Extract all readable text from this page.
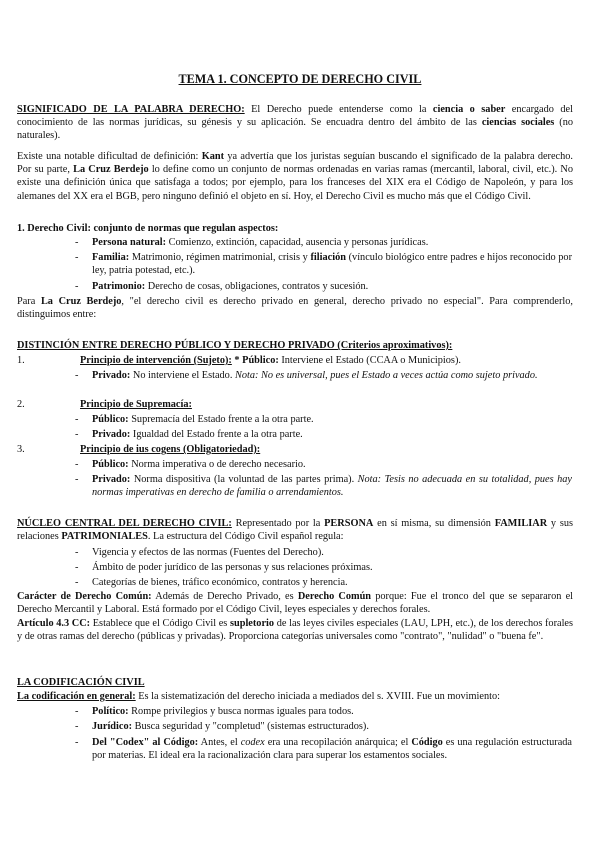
TEMA 1. CONCEPTO DE DERECHO CIVIL
SIGNIFICADO DE LA PALABRA DERECHO: El Derecho puede entenderse como la ciencia o saber encargado del conocimiento de las normas jurídicas, su génesis y su aplicación. Se encuadra dentro del ámbito de las ciencias sociales (no naturales).
Existe una notable dificultad de definición: Kant ya advertía que los juristas seguían buscando el significado de la palabra derecho. Por su parte, La Cruz Berdejo lo define como un conjunto de normas ordenadas en varias ramas (mercantil, laboral, civil, etc.). No existe una definición única que satisfaga a todos; por ejemplo, para los franceses del XIX era el Código de Napoleón, y para los alemanes del XX era el BGB, pero ninguno definió el objeto en sí. Hoy, el Derecho Civil es mucho más que el Código Civil.
1. Derecho Civil: conjunto de normas que regulan aspectos:
- Persona natural: Comienzo, extinción, capacidad, ausencia y personas jurídicas.
- Familia: Matrimonio, régimen matrimonial, crisis y filiación (vínculo biológico entre padres e hijos reconocido por ley, patria potestad, etc.).
- Patrimonio: Derecho de cosas, obligaciones, contratos y sucesión.
Para La Cruz Berdejo, "el derecho civil es derecho privado en general, derecho privado no especial". Para comprenderlo, distinguimos entre:
DISTINCIÓN ENTRE DERECHO PÚBLICO Y DERECHO PRIVADO (Criterios aproximativos):
1.	Principio de intervención (Sujeto): * Público: Interviene el Estado (CCAA o Municipios).
- Privado: No interviene el Estado. Nota: No es universal, pues el Estado a veces actúa como sujeto privado.
2.	Principio de Supremacía:
- Público: Supremacía del Estado frente a la otra parte.
- Privado: Igualdad del Estado frente a la otra parte.
3.	Principio de ius cogens (Obligatoriedad):
- Público: Norma imperativa o de derecho necesario.
- Privado: Norma dispositiva (la voluntad de las partes prima). Nota: Tesis no adecuada en su totalidad, pues hay normas imperativas en derecho de familia o arrendamientos.
NÚCLEO CENTRAL DEL DERECHO CIVIL: Representado por la PERSONA en sí misma, su dimensión FAMILIAR y sus relaciones PATRIMONIALES. La estructura del Código Civil español regula:
- Vigencia y efectos de las normas (Fuentes del Derecho).
- Ámbito de poder jurídico de las personas y sus relaciones próximas.
- Categorías de bienes, tráfico económico, contratos y herencia.
Carácter de Derecho Común: Además de Derecho Privado, es Derecho Común porque: Fue el tronco del que se separaron el Derecho Mercantil y Laboral. Está formado por el Código Civil, leyes especiales y derechos forales.
Artículo 4.3 CC: Establece que el Código Civil es supletorio de las leyes civiles especiales (LAU, LPH, etc.), de los derechos forales y de otras ramas del derecho (públicas y privadas). Proporciona categorías universales como "contrato", "nulidad" o "buena fe".
LA CODIFICACIÓN CIVIL
La codificación en general: Es la sistematización del derecho iniciada a mediados del s. XVIII. Fue un movimiento:
- Político: Rompe privilegios y busca normas iguales para todos.
- Jurídico: Busca seguridad y "completud" (sistemas estructurados).
- Del "Codex" al Código: Antes, el codex era una recopilación anárquica; el Código es una regulación estructurada por materias. El ideal era la racionalización clara para superar los estamentos sociales.
